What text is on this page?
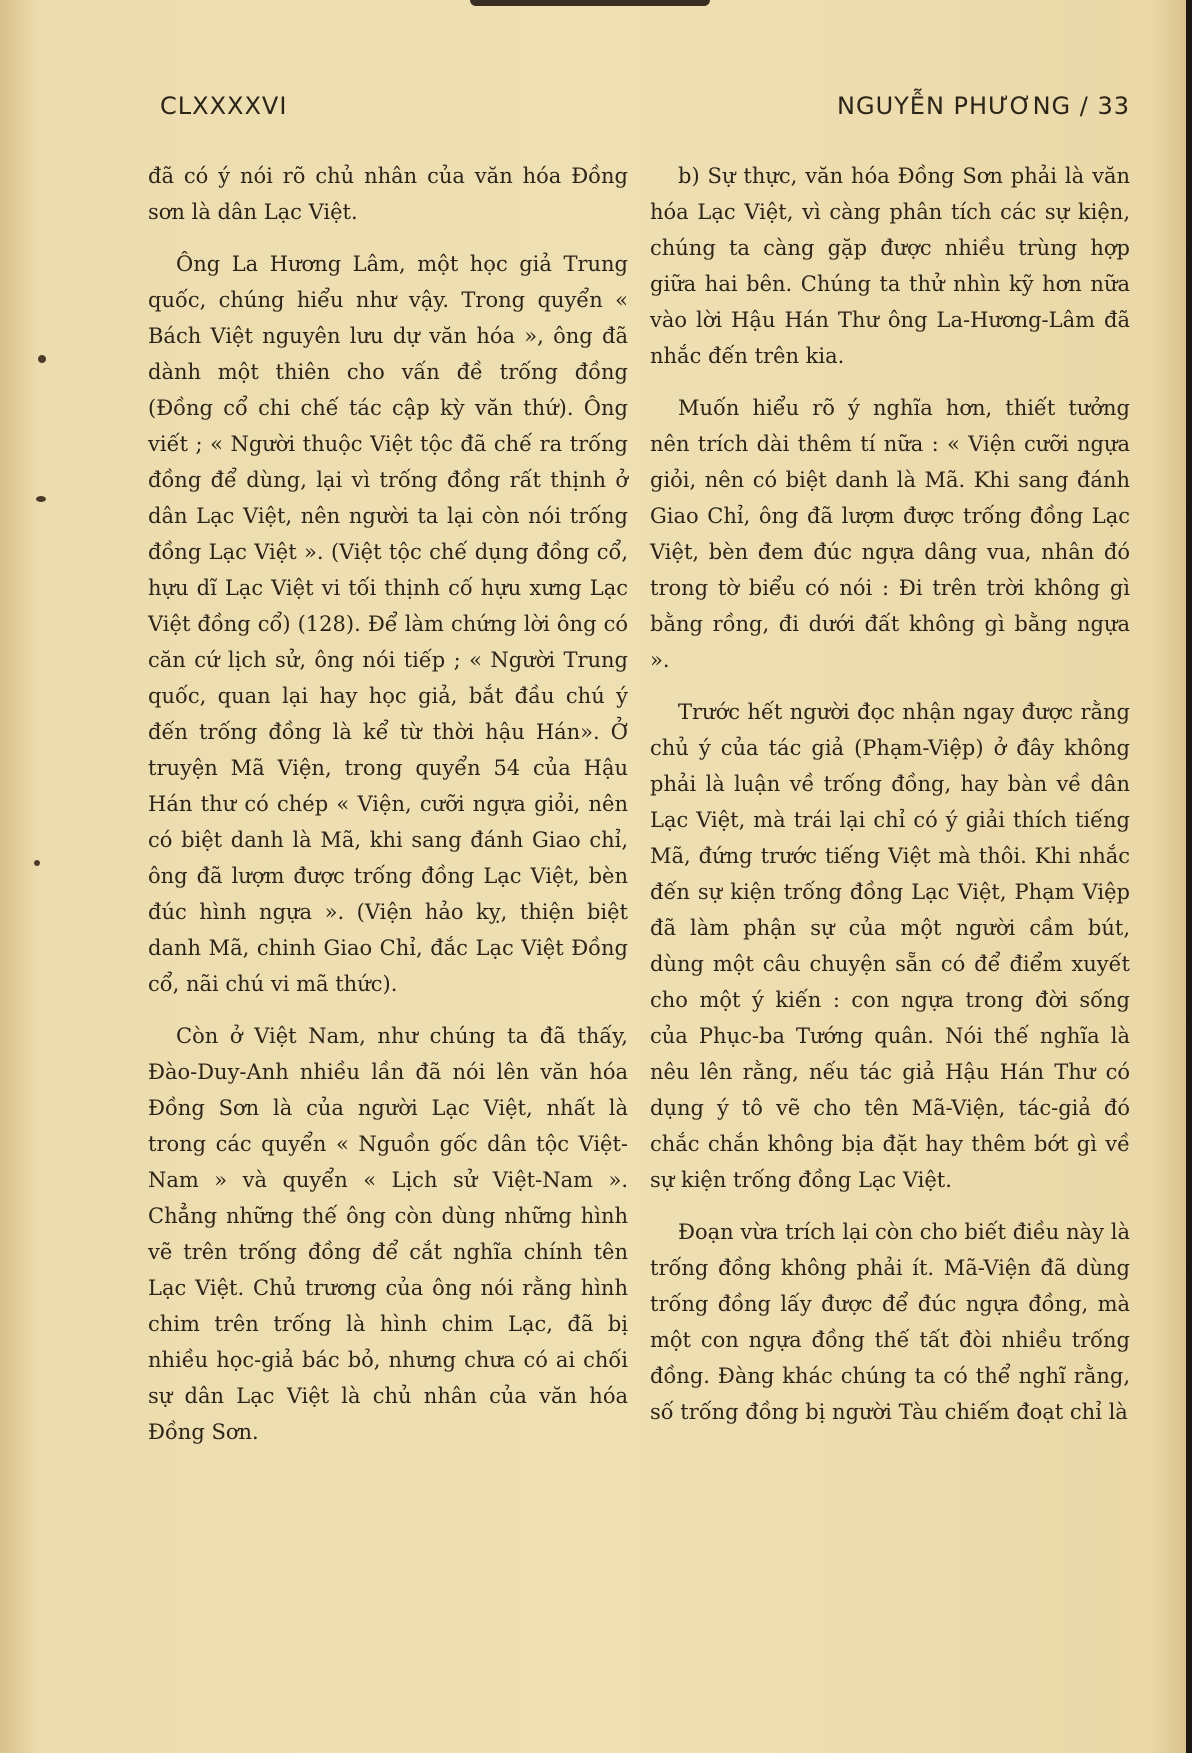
CLXXXXVI	NGUYỄN PHƯƠNG / 33

đã có ý nói rõ chủ nhân của văn hóa Đồng sơn là dân Lạc Việt.

Ông La Hương Lâm, một học giả Trung quốc, chúng hiểu như vậy. Trong quyển « Bách Việt nguyên lưu dự văn hóa », ông đã dành một thiên cho vấn đề trống đồng (Đồng cổ chi chế tác cập kỳ văn thứ). Ông viết ; « Người thuộc Việt tộc đã chế ra trống đồng để dùng, lại vì trống đồng rất thịnh ở dân Lạc Việt, nên người ta lại còn nói trống đồng Lạc Việt ». (Việt tộc chế dụng đồng cổ, hựu dĩ Lạc Việt vi tối thịnh cố hựu xưng Lạc Việt đồng cổ) (128). Để làm chứng lời ông có căn cứ lịch sử, ông nói tiếp ; « Người Trung quốc, quan lại hay học giả, bắt đầu chú ý đến trống đồng là kể từ thời hậu Hán». Ở truyện Mã Viện, trong quyển 54 của Hậu Hán thư có chép « Viện, cưỡi ngựa giỏi, nên có biệt danh là Mã, khi sang đánh Giao chỉ, ông đã lượm được trống đồng Lạc Việt, bèn đúc hình ngựa ». (Viện hảo kỵ, thiện biệt danh Mã, chinh Giao Chỉ, đắc Lạc Việt Đồng cổ, nãi chú vi mã thức).

Còn ở Việt Nam, như chúng ta đã thấy, Đào-Duy-Anh nhiều lần đã nói lên văn hóa Đồng Sơn là của người Lạc Việt, nhất là trong các quyển « Nguồn gốc dân tộc Việt-Nam » và quyển « Lịch sử Việt-Nam ». Chẳng những thế ông còn dùng những hình vẽ trên trống đồng để cắt nghĩa chính tên Lạc Việt. Chủ trương của ông nói rằng hình chim trên trống là hình chim Lạc, đã bị nhiều học-giả bác bỏ, nhưng chưa có ai chối sự dân Lạc Việt là chủ nhân của văn hóa Đồng Sơn.

b) Sự thực, văn hóa Đồng Sơn phải là văn hóa Lạc Việt, vì càng phân tích các sự kiện, chúng ta càng gặp được nhiều trùng hợp giữa hai bên. Chúng ta thử nhìn kỹ hơn nữa vào lời Hậu Hán Thư ông La-Hương-Lâm đã nhắc đến trên kia.

Muốn hiểu rõ ý nghĩa hơn, thiết tưởng nên trích dài thêm tí nữa : « Viện cưỡi ngựa giỏi, nên có biệt danh là Mã. Khi sang đánh Giao Chỉ, ông đã lượm được trống đồng Lạc Việt, bèn đem đúc ngựa dâng vua, nhân đó trong tờ biểu có nói : Đi trên trời không gì bằng rồng, đi dưới đất không gì bằng ngựa ».

Trước hết người đọc nhận ngay được rằng chủ ý của tác giả (Phạm-Việp) ở đây không phải là luận về trống đồng, hay bàn về dân Lạc Việt, mà trái lại chỉ có ý giải thích tiếng Mã, đứng trước tiếng Việt mà thôi. Khi nhắc đến sự kiện trống đồng Lạc Việt, Phạm Việp đã làm phận sự của một người cầm bút, dùng một câu chuyện sẵn có để điểm xuyết cho một ý kiến : con ngựa trong đời sống của Phục-ba Tướng quân. Nói thế nghĩa là nêu lên rằng, nếu tác giả Hậu Hán Thư có dụng ý tô vẽ cho tên Mã-Viện, tác-giả đó chắc chắn không bịa đặt hay thêm bớt gì về sự kiện trống đồng Lạc Việt.

Đoạn vừa trích lại còn cho biết điều này là trống đồng không phải ít. Mã-Viện đã dùng trống đồng lấy được để đúc ngựa đồng, mà một con ngựa đồng thế tất đòi nhiều trống đồng. Đàng khác chúng ta có thể nghĩ rằng, số trống đồng bị người Tàu chiếm đoạt chỉ là
